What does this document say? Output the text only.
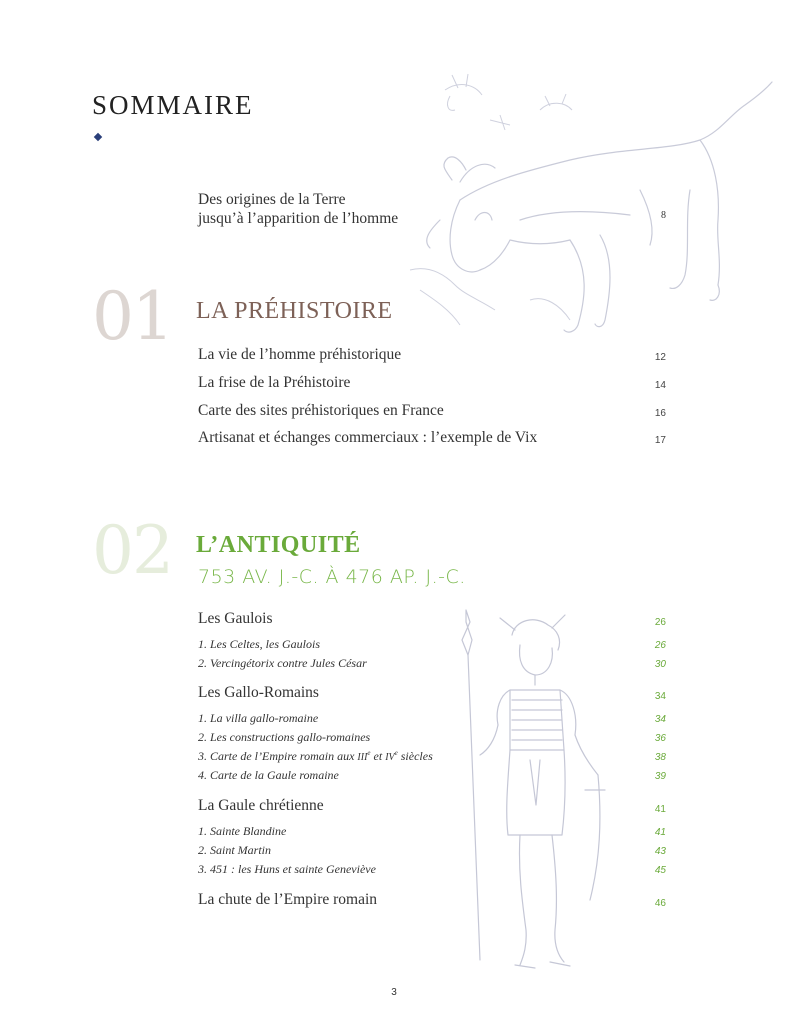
SOMMAIRE
Des origines de la Terre
jusqu’à l’apparition de l’homme	8
01 LA PRÉHISTOIRE
La vie de l’homme préhistorique	12
La frise de la Préhistoire	14
Carte des sites préhistoriques en France	16
Artisanat et échanges commerciaux : l’exemple de Vix	17
02 L’ANTIQUITÉ
753 AV. J.-C. À 476 AP. J.-C.
Les Gaulois	26
1. Les Celtes, les Gaulois	26
2. Vercingétorix contre Jules César	30
Les Gallo-Romains	34
1. La villa gallo-romaine	34
2. Les constructions gallo-romaines	36
3. Carte de l’Empire romain aux IIIe et IVe siècles	38
4. Carte de la Gaule romaine	39
La Gaule chrétienne	41
1. Sainte Blandine	41
2. Saint Martin	43
3. 451 : les Huns et sainte Geneviève	45
La chute de l’Empire romain	46
3
